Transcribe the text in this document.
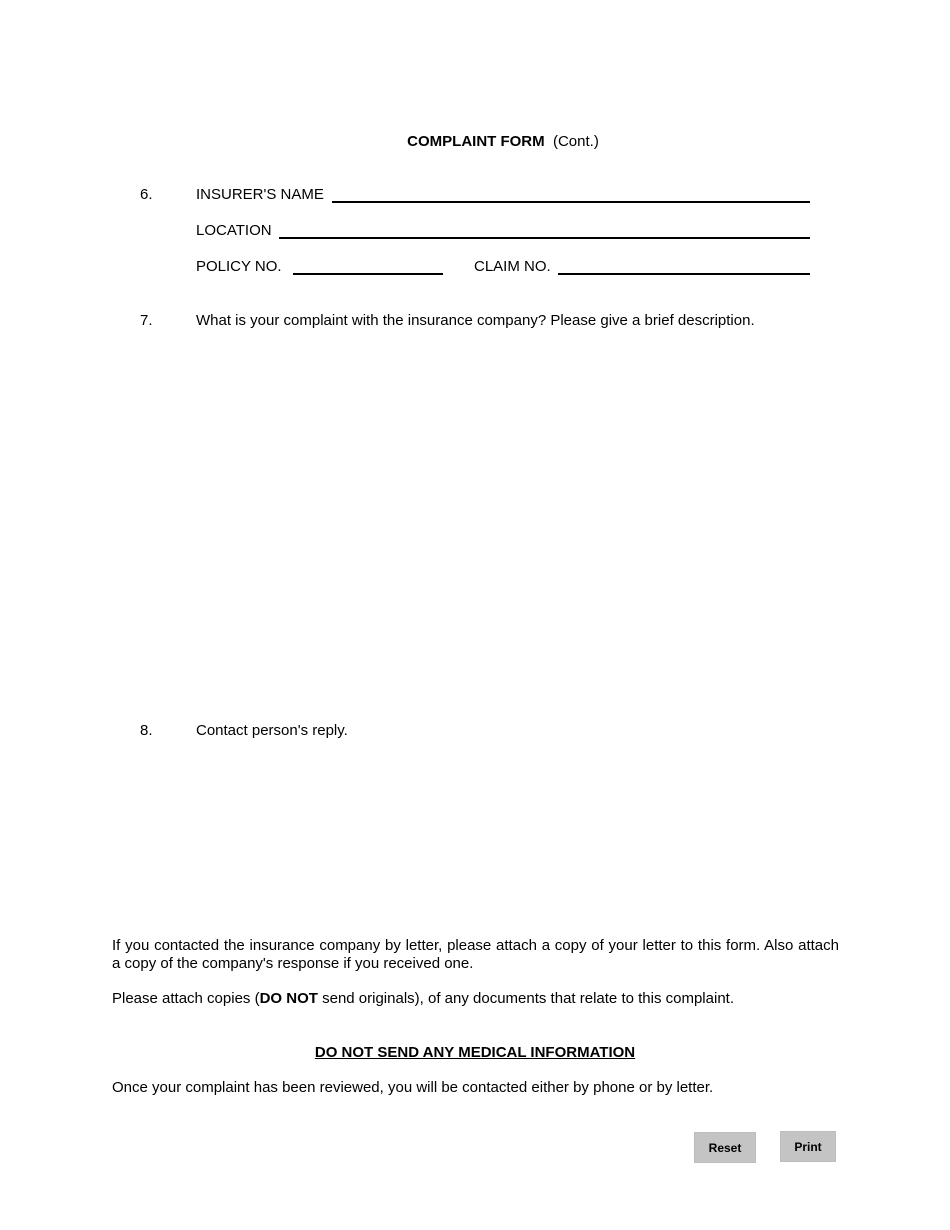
COMPLAINT FORM (Cont.)
6.	INSURER'S NAME
LOCATION
POLICY NO.	CLAIM NO.
7.	What is your complaint with the insurance company? Please give a brief description.
8.	Contact person's reply.
If you contacted the insurance company by letter, please attach a copy of your letter to this form. Also attach a copy of the company's response if you received one.
Please attach copies (DO NOT send originals), of any documents that relate to this complaint.
DO NOT SEND ANY MEDICAL INFORMATION
Once your complaint has been reviewed, you will be contacted either by phone or by letter.
Reset	Print
